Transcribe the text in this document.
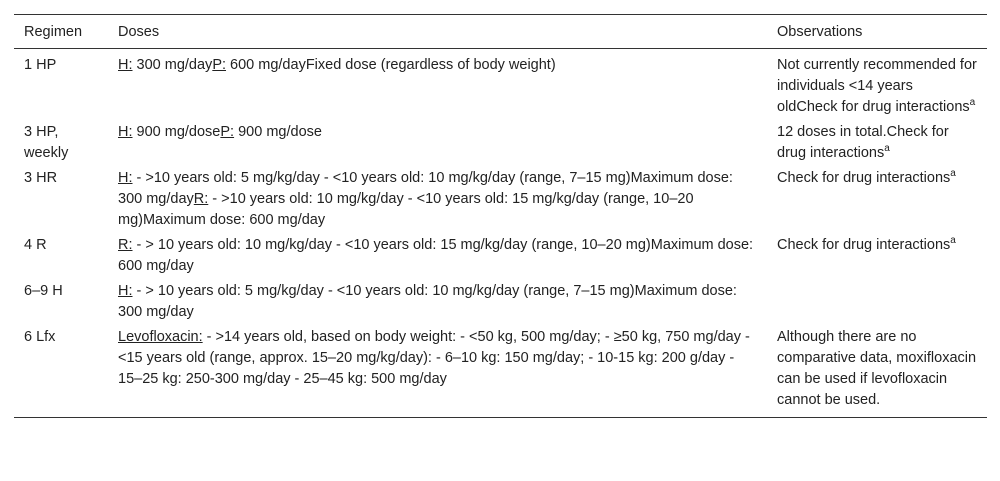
Regimen	Doses	Observations
1 HP	H: 300 mg/dayP: 600 mg/dayFixed dose (regardless of body weight)	Not currently recommended for individuals <14 years oldCheck for drug interactions$^a$
3 HP, weekly	H: 900 mg/doseP: 900 mg/dose	12 doses in total.Check for drug interactions$^a$
3 HR	H: - >10 years old: 5 mg/kg/day - <10 years old: 10 mg/kg/day (range, 7–15 mg)Maximum dose: 300 mg/dayR: - >10 years old: 10 mg/kg/day - <10 years old: 15 mg/kg/day (range, 10–20 mg)Maximum dose: 600 mg/day	Check for drug interactions$^a$
4 R	R: - > 10 years old: 10 mg/kg/day - <10 years old: 15 mg/kg/day (range, 10–20 mg)Maximum dose: 600 mg/day	Check for drug interactions$^a$
6–9 H	H: - > 10 years old: 5 mg/kg/day - <10 years old: 10 mg/kg/day (range, 7–15 mg)Maximum dose: 300 mg/day	
6 Lfx	Levofloxacin: - >14 years old, based on body weight: - <50 kg, 500 mg/day; - ≥50 kg, 750 mg/day - <15 years old (range, approx. 15–20 mg/kg/day): - 6–10 kg: 150 mg/day; - 10-15 kg: 200 g/day - 15–25 kg: 250-300 mg/day - 25–45 kg: 500 mg/day	Although there are no comparative data, moxifloxacin can be used if levofloxacin cannot be used.
